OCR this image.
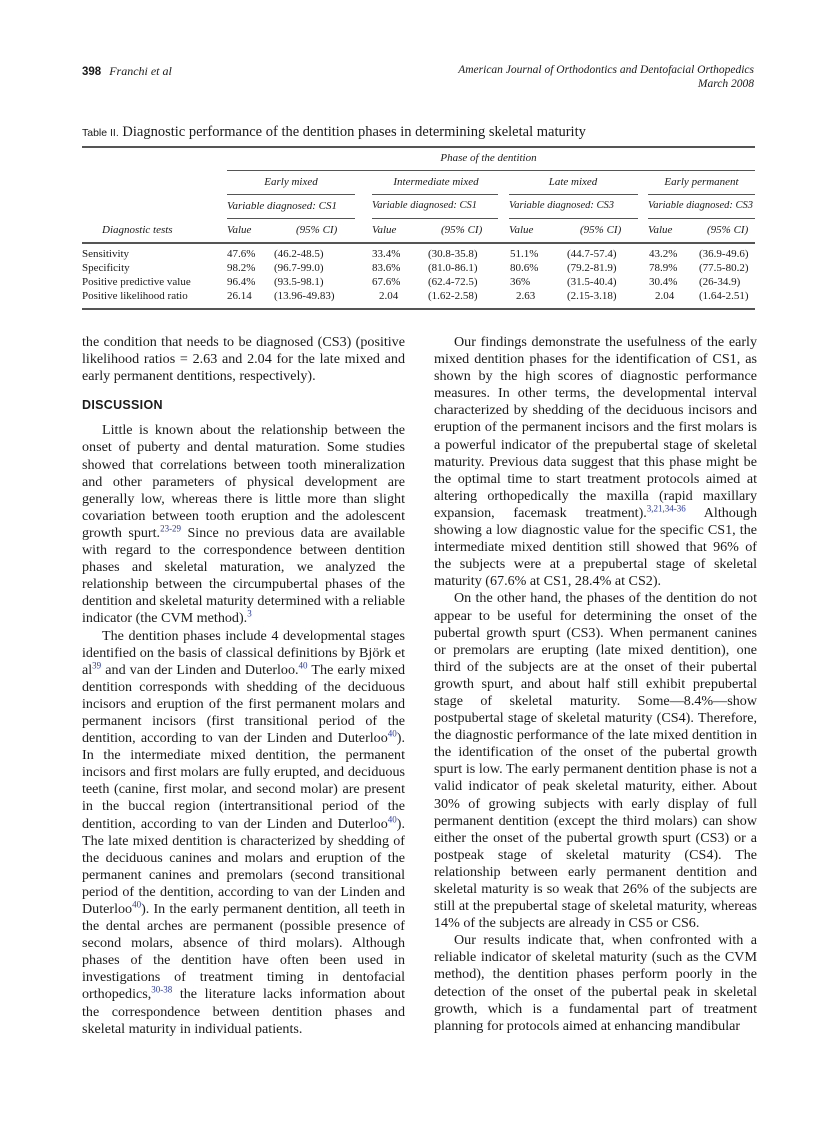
398 Franchi et al	American Journal of Orthodontics and Dentofacial Orthopedics
March 2008
Table II. Diagnostic performance of the dentition phases in determining skeletal maturity
Phase of the dentition
Early mixed	Intermediate mixed	Late mixed	Early permanent
Variable diagnosed: CS1	Variable diagnosed: CS1	Variable diagnosed: CS3	Variable diagnosed: CS3
Diagnostic tests	Value	(95% CI)	Value	(95% CI) Value	(95% CI) Value	(95% CI)
Sensitivity	47.6% (46.2-48.5)	33.4%	(30.8-35.8)	51.1%	(44.7-57.4)	43.2% (36.9-49.6)
Specificity	98.2% (96.7-99.0)	83.6%	(81.0-86.1)	80.6%	(79.2-81.9)	78.9% (77.5-80.2)
Positive predictive value	96.4% (93.5-98.1)	67.6%	(62.4-72.5)	36%	(31.5-40.4)	30.4% (26-34.9)
Positive likelihood ratio	26.14 (13.96-49.83)	2.04	(1.62-2.58)	2.63	(2.15-3.18)	2.04 (1.64-2.51)

the condition that needs to be diagnosed (CS3) (positive likelihood ratios = 2.63 and 2.04 for the late mixed and early permanent dentitions, respectively).

DISCUSSION

Little is known about the relationship between the onset of puberty and dental maturation. Some studies showed that correlations between tooth mineralization and other parameters of physical development are generally low, whereas there is little more than slight covariation between tooth eruption and the adolescent growth spurt.$^{23-29}$ Since no previous data are available with regard to the correspondence between dentition phases and skeletal maturation, we analyzed the relationship between the circumpubertal phases of the dentition and skeletal maturity determined with a reliable indicator (the CVM method).$^3$

The dentition phases include 4 developmental stages identified on the basis of classical definitions by Björk et al$^{39}$ and van der Linden and Duterloo.$^{40}$ The early mixed dentition corresponds with shedding of the deciduous incisors and eruption of the first permanent molars and permanent incisors (first transitional period of the dentition, according to van der Linden and Duterloo$^{40}$). In the intermediate mixed dentition, the permanent incisors and first molars are fully erupted, and deciduous teeth (canine, first molar, and second molar) are present in the buccal region (intertransitional period of the dentition, according to van der Linden and Duterloo$^{40}$). The late mixed dentition is characterized by shedding of the deciduous canines and molars and eruption of the permanent canines and premolars (second transitional period of the dentition, according to van der Linden and Duterloo$^{40}$). In the early permanent dentition, all teeth in the dental arches are permanent (possible presence of second molars, absence of third molars). Although phases of the dentition have often been used in investigations of treatment timing in dentofacial orthopedics,$^{30-38}$ the literature lacks information about the correspondence between dentition phases and skeletal maturity in individual patients.

Our findings demonstrate the usefulness of the early mixed dentition phases for the identification of CS1, as shown by the high scores of diagnostic performance measures. In other terms, the developmental interval characterized by shedding of the deciduous incisors and eruption of the permanent incisors and the first molars is a powerful indicator of the prepubertal stage of skeletal maturity. Previous data suggest that this phase might be the optimal time to start treatment protocols aimed at altering orthopedically the maxilla (rapid maxillary expansion, facemask treatment).$^{3,21,34-36}$ Although showing a low diagnostic value for the specific CS1, the intermediate mixed dentition still showed that 96% of the subjects were at a prepubertal stage of skeletal maturity (67.6% at CS1, 28.4% at CS2).

On the other hand, the phases of the dentition do not appear to be useful for determining the onset of the pubertal growth spurt (CS3). When permanent canines or premolars are erupting (late mixed dentition), one third of the subjects are at the onset of their pubertal growth spurt, and about half still exhibit prepubertal stage of skeletal maturity. Some—8.4%—show postpubertal stage of skeletal maturity (CS4). Therefore, the diagnostic performance of the late mixed dentition in the identification of the onset of the pubertal growth spurt is low. The early permanent dentition phase is not a valid indicator of peak skeletal maturity, either. About 30% of growing subjects with early display of full permanent dentition (except the third molars) can show either the onset of the pubertal growth spurt (CS3) or a postpeak stage of skeletal maturity (CS4). The relationship between early permanent dentition and skeletal maturity is so weak that 26% of the subjects are still at the prepubertal stage of skeletal maturity, whereas 14% of the subjects are already in CS5 or CS6.

Our results indicate that, when confronted with a reliable indicator of skeletal maturity (such as the CVM method), the dentition phases perform poorly in the detection of the onset of the pubertal peak in skeletal growth, which is a fundamental part of treatment planning for protocols aimed at enhancing mandibular
